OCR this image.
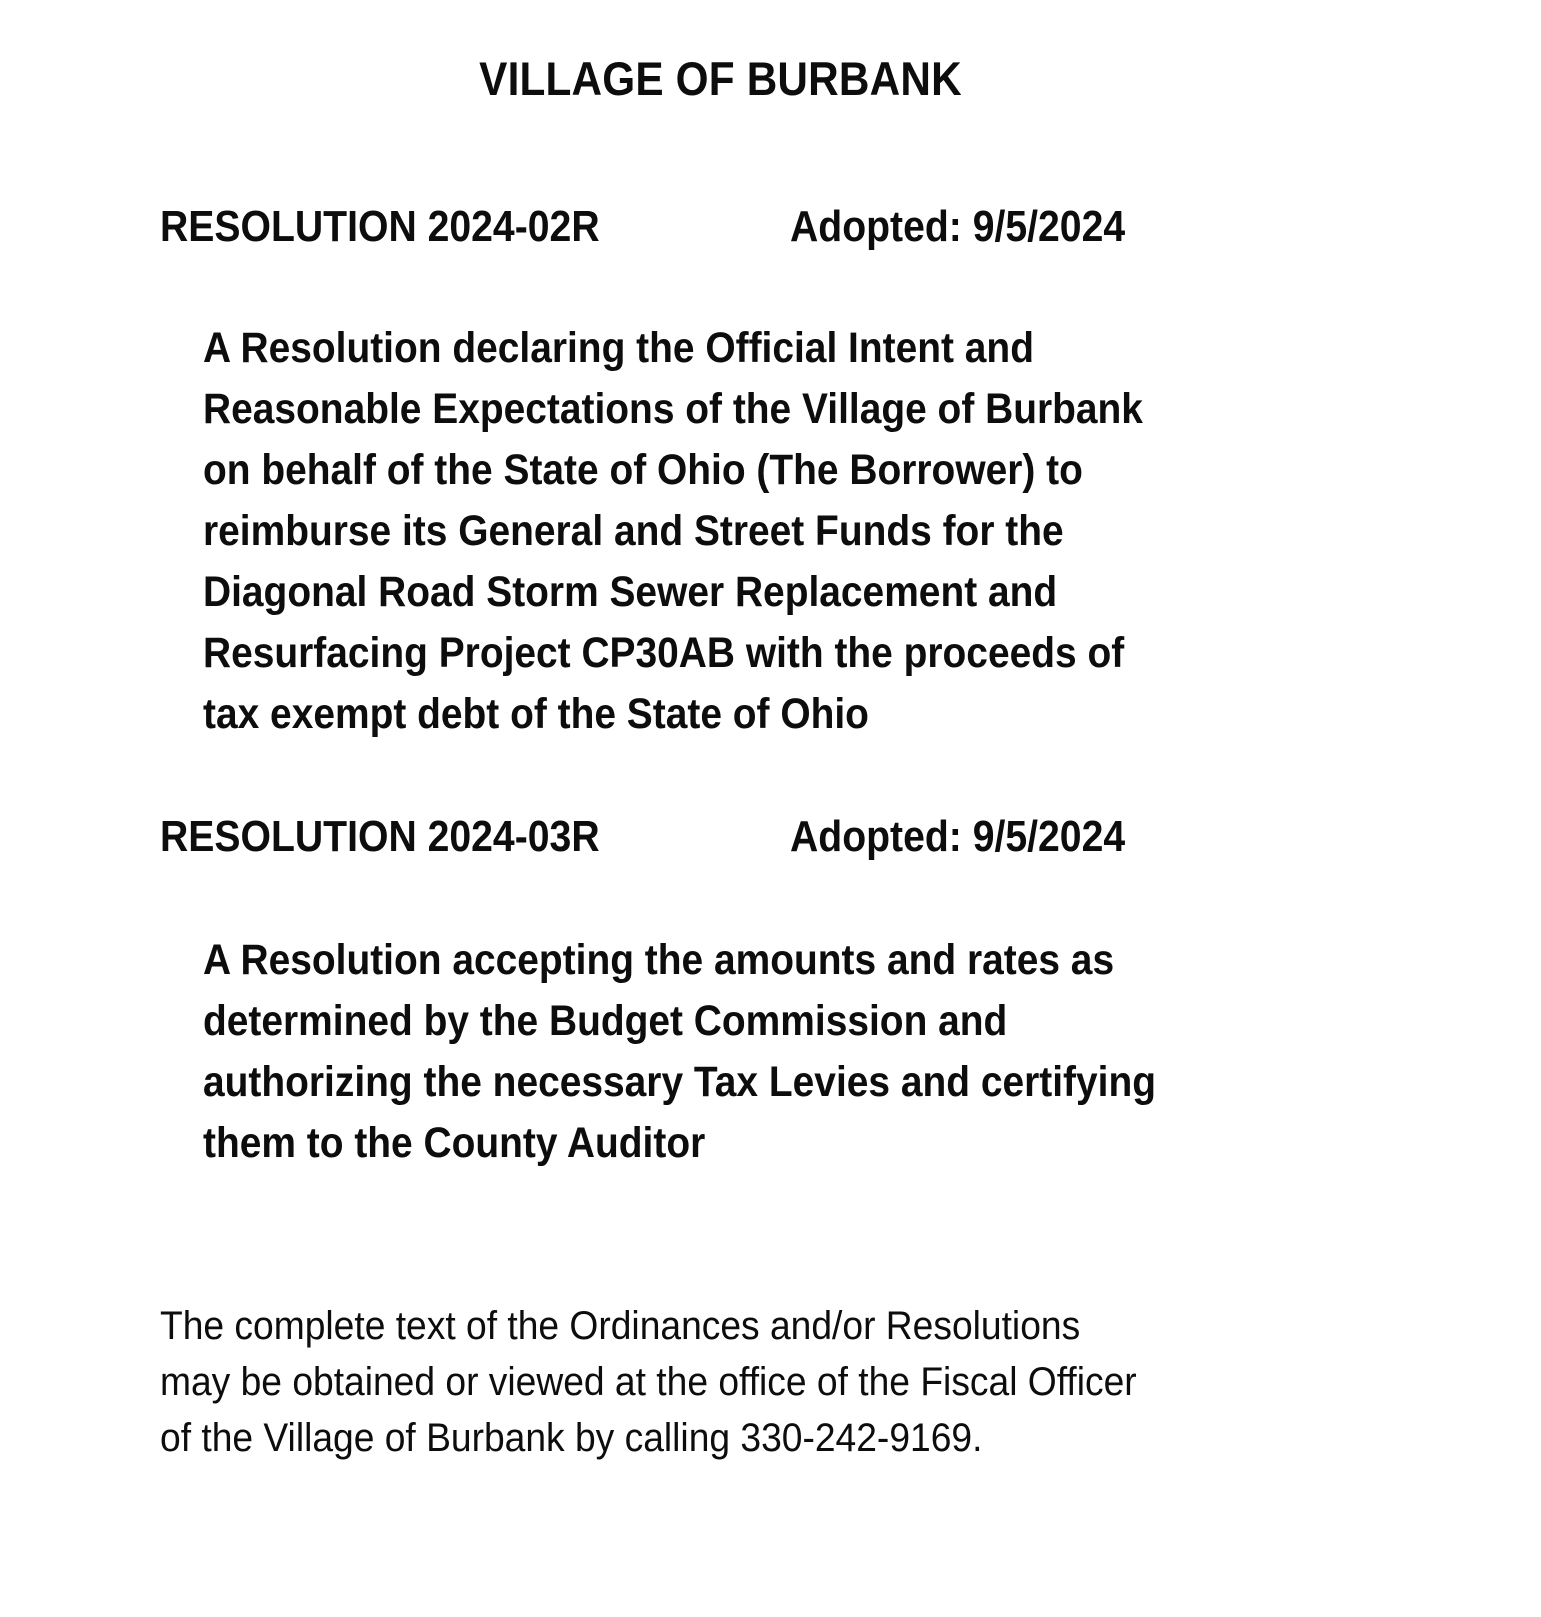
VILLAGE OF BURBANK
RESOLUTION 2024-02R	Adopted: 9/5/2024
A Resolution declaring the Official Intent and
Reasonable Expectations of the Village of Burbank
on behalf of the State of Ohio (The Borrower) to
reimburse its General and Street Funds for the
Diagonal Road Storm Sewer Replacement and
Resurfacing Project CP30AB with the proceeds of
tax exempt debt of the State of Ohio
RESOLUTION 2024-03R	Adopted: 9/5/2024
A Resolution accepting the amounts and rates as
determined by the Budget Commission and
authorizing the necessary Tax Levies and certifying
them to the County Auditor
The complete text of the Ordinances and/or Resolutions
may be obtained or viewed at the office of the Fiscal Officer
of the Village of Burbank by calling 330-242-9169.
